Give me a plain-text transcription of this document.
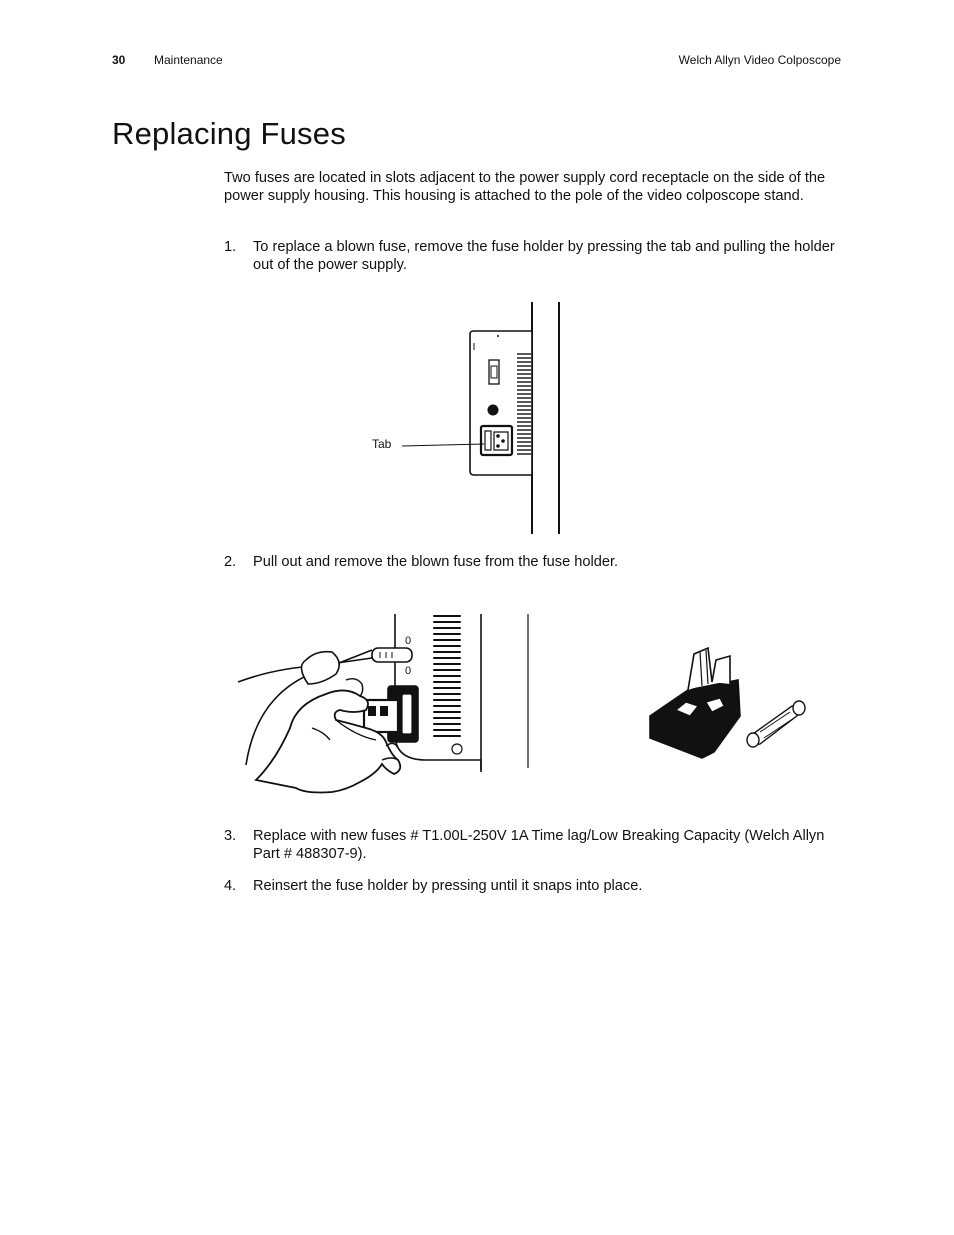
30 Maintenance	Welch Allyn Video Colposcope
Replacing Fuses

Two fuses are located in slots adjacent to the power supply cord receptacle on the side of the power supply housing. This housing is attached to the pole of the video colposcope stand.

1. To replace a blown fuse, remove the fuse holder by pressing the tab and pulling the holder out of the power supply.
Tab
2. Pull out and remove the blown fuse from the fuse holder.
0
0
3. Replace with new fuses # T1.00L-250V 1A Time lag/Low Breaking Capacity (Welch Allyn Part # 488307-9).
4. Reinsert the fuse holder by pressing until it snaps into place.
